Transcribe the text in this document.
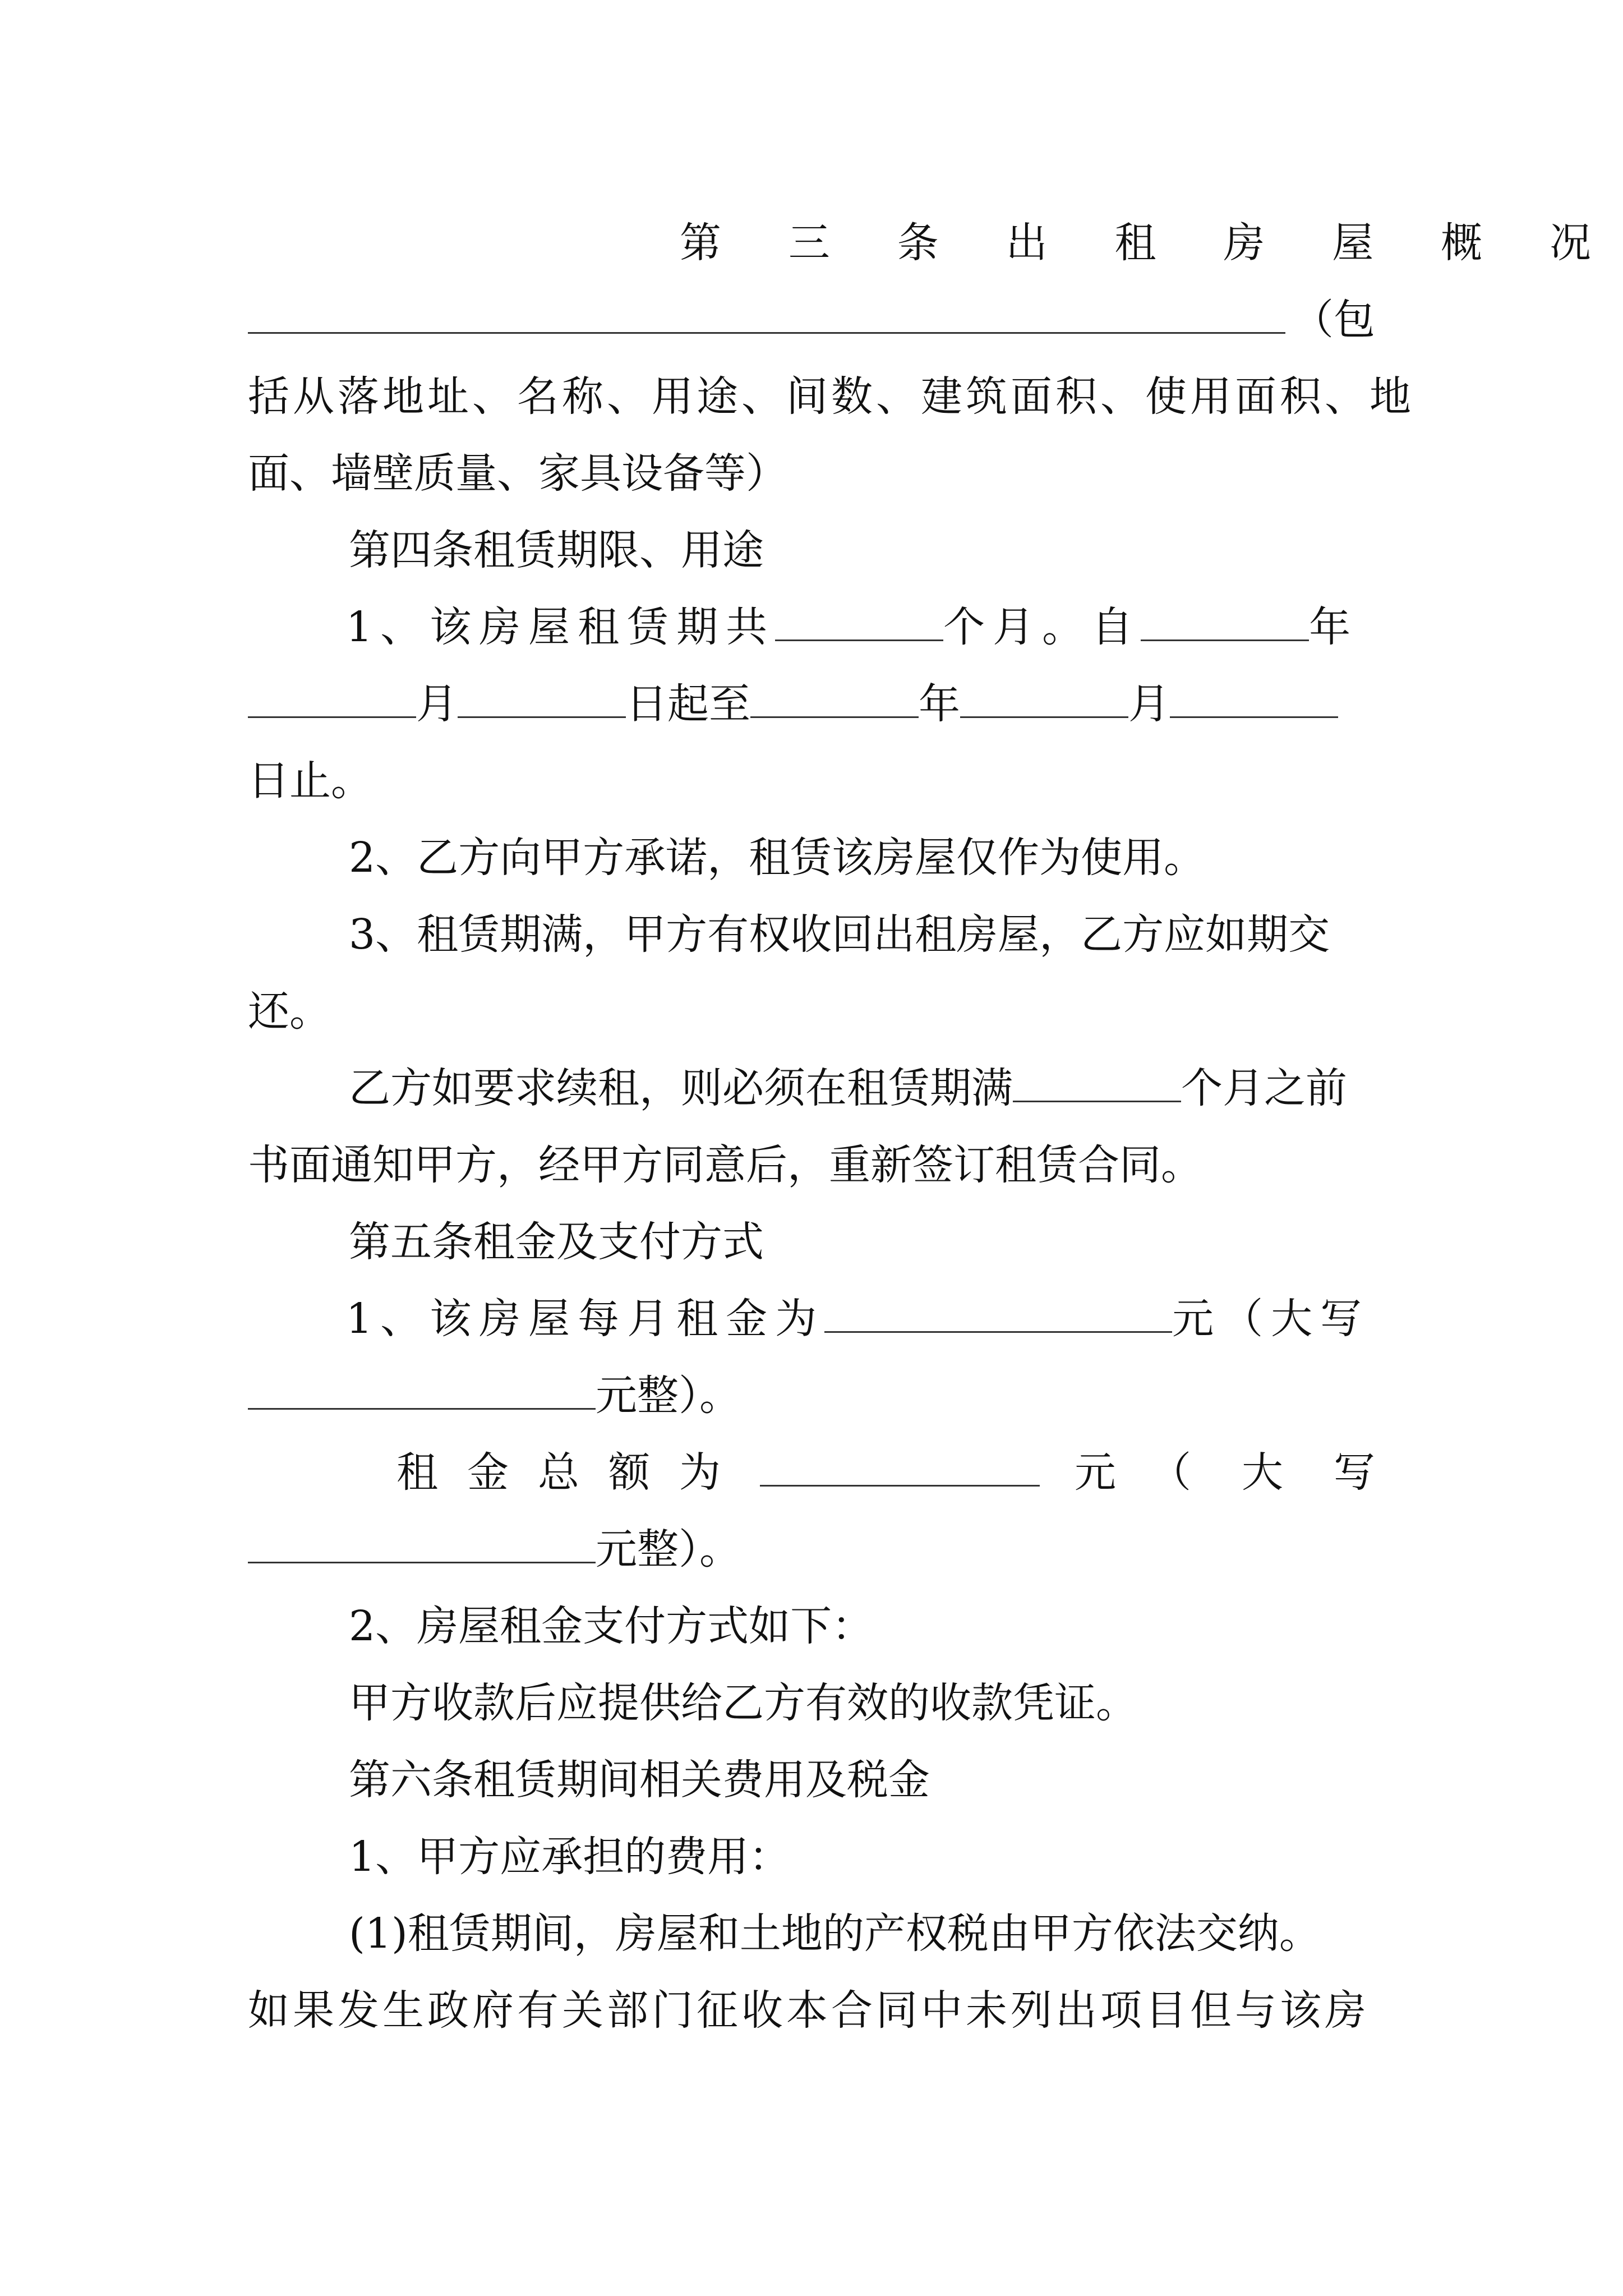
第 三 条 出 租 房 屋 概 况
（包
括从落地址、名称、用途、间数、建筑面积、使用面积、地
面、墙壁质量、家具设备等）
第四条租赁期限、用途
1、该房屋租赁期共	个月。自	年
月	日起至	年	月
日止。
2、乙方向甲方承诺，租赁该房屋仅作为使用。
3、租赁期满，甲方有权收回出租房屋，乙方应如期交
还。
乙方如要求续租，则必须在租赁期满	个月之前
书面通知甲方，经甲方同意后，重新签订租赁合同。
第五条租金及支付方式
1、该房屋每月租金为	元（大写
元整）。
租 金 总 额 为	元 （ 大 写
元整）。
2、房屋租金支付方式如下：
甲方收款后应提供给乙方有效的收款凭证。
第六条租赁期间相关费用及税金
1、甲方应承担的费用：
(1)租赁期间，房屋和土地的产权税由甲方依法交纳。
如果发生政府有关部门征收本合同中未列出项目但与该房
